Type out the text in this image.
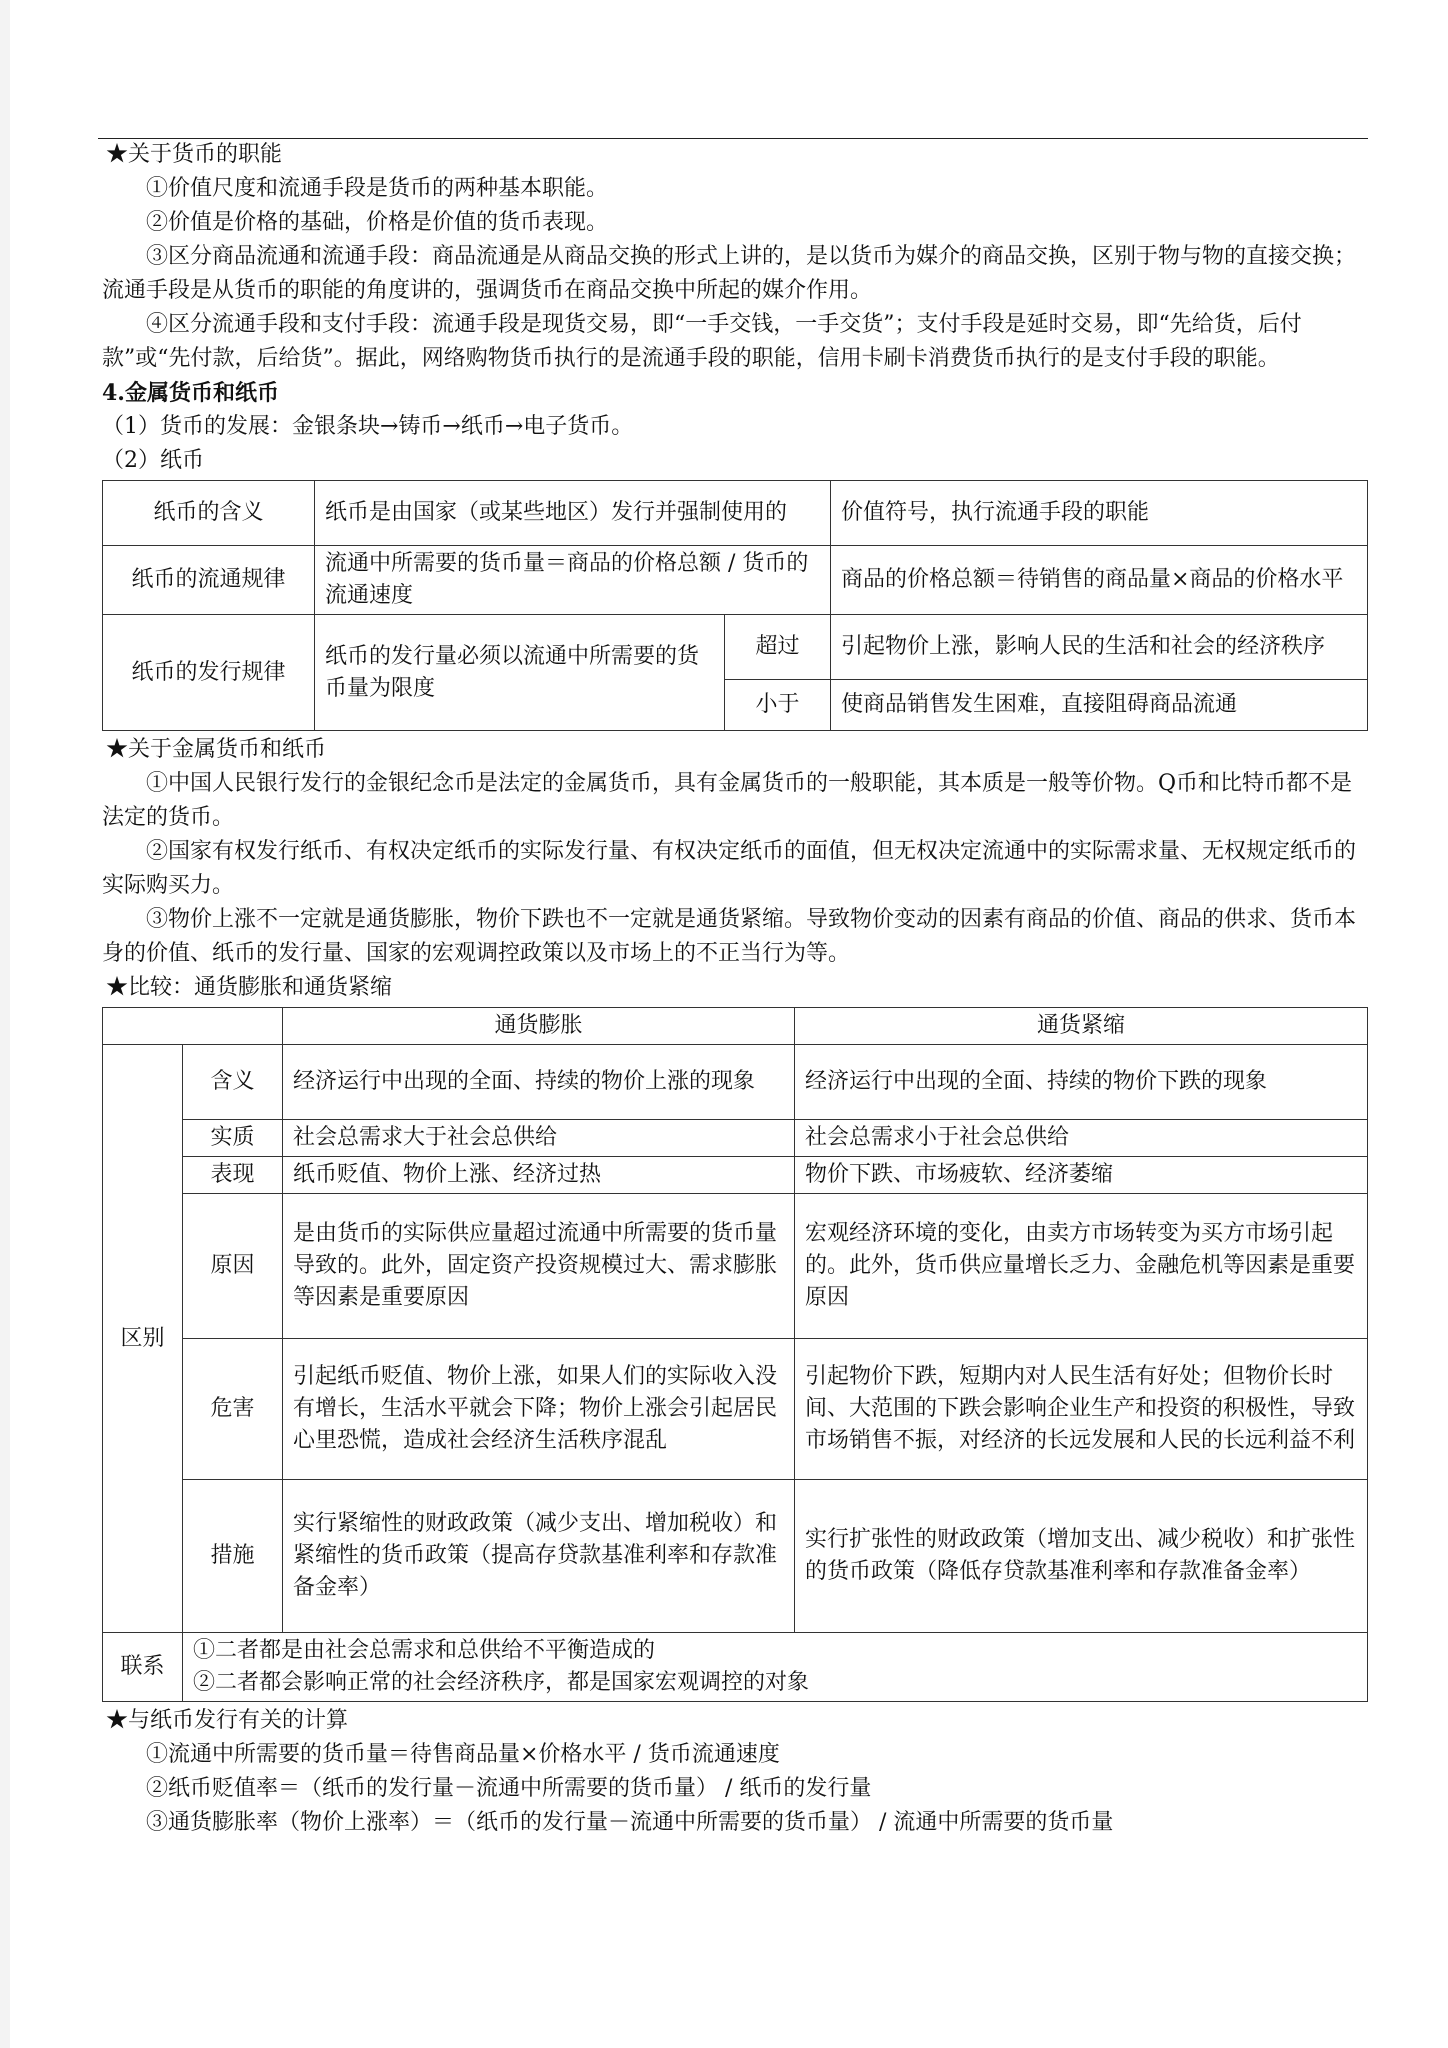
★关于货币的职能

①价值尺度和流通手段是货币的两种基本职能。

②价值是价格的基础，价格是价值的货币表现。

③区分商品流通和流通手段：商品流通是从商品交换的形式上讲的，是以货币为媒介的商品交换，区别于物与物的直接交换；流通手段是从货币的职能的角度讲的，强调货币在商品交换中所起的媒介作用。

④区分流通手段和支付手段：流通手段是现货交易，即“一手交钱，一手交货”；支付手段是延时交易，即“先给货，后付款”或“先付款，后给货”。据此，网络购物货币执行的是流通手段的职能，信用卡刷卡消费货币执行的是支付手段的职能。

4.金属货币和纸币

（1）货币的发展：金银条块→铸币→纸币→电子货币。

（2）纸币

纸币的含义	纸币是由国家（或某些地区）发行并强制使用的		价值符号，执行流通手段的职能
纸币的流通规律	流通中所需要的货币量＝商品的价格总额 / 货币的流通速度		商品的价格总额＝待销售的商品量×商品的价格水平
纸币的发行规律	纸币的发行量必须以流通中所需要的货币量为限度	超过	引起物价上涨，影响人民的生活和社会的经济秩序
		小于	使商品销售发生困难，直接阻碍商品流通

★关于金属货币和纸币

①中国人民银行发行的金银纪念币是法定的金属货币，具有金属货币的一般职能，其本质是一般等价物。Q币和比特币都不是法定的货币。

②国家有权发行纸币、有权决定纸币的实际发行量、有权决定纸币的面值，但无权决定流通中的实际需求量、无权规定纸币的实际购买力。

③物价上涨不一定就是通货膨胀，物价下跌也不一定就是通货紧缩。导致物价变动的因素有商品的价值、商品的供求、货币本身的价值、纸币的发行量、国家的宏观调控政策以及市场上的不正当行为等。

★比较：通货膨胀和通货紧缩

		通货膨胀	通货紧缩
区别	含义	经济运行中出现的全面、持续的物价上涨的现象	经济运行中出现的全面、持续的物价下跌的现象
	实质	社会总需求大于社会总供给	社会总需求小于社会总供给
	表现	纸币贬值、物价上涨、经济过热	物价下跌、市场疲软、经济萎缩
	原因	是由货币的实际供应量超过流通中所需要的货币量导致的。此外，固定资产投资规模过大、需求膨胀等因素是重要原因	宏观经济环境的变化，由卖方市场转变为买方市场引起的。此外，货币供应量增长乏力、金融危机等因素是重要原因
	危害	引起纸币贬值、物价上涨，如果人们的实际收入没有增长，生活水平就会下降；物价上涨会引起居民心里恐慌，造成社会经济生活秩序混乱	引起物价下跌，短期内对人民生活有好处；但物价长时间、大范围的下跌会影响企业生产和投资的积极性，导致市场销售不振，对经济的长远发展和人民的长远利益不利
	措施	实行紧缩性的财政政策（减少支出、增加税收）和紧缩性的货币政策（提高存贷款基准利率和存款准备金率）	实行扩张性的财政政策（增加支出、减少税收）和扩张性的货币政策（降低存贷款基准利率和存款准备金率）
联系	①二者都是由社会总需求和总供给不平衡造成的
②二者都会影响正常的社会经济秩序，都是国家宏观调控的对象		

★与纸币发行有关的计算

①流通中所需要的货币量＝待售商品量×价格水平 / 货币流通速度

②纸币贬值率＝（纸币的发行量－流通中所需要的货币量） / 纸币的发行量

③通货膨胀率（物价上涨率）＝（纸币的发行量－流通中所需要的货币量） / 流通中所需要的货币量
